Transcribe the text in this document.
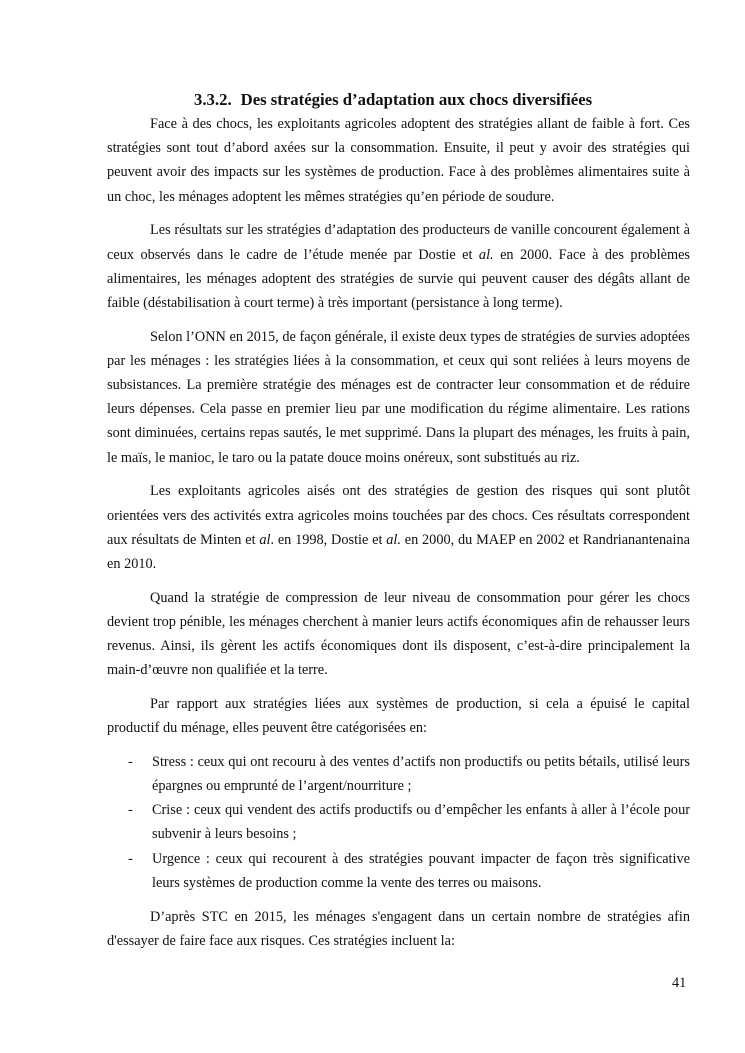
3.3.2. Des stratégies d’adaptation aux chocs diversifiées

Face à des chocs, les exploitants agricoles adoptent des stratégies allant de faible à fort. Ces stratégies sont tout d’abord axées sur la consommation. Ensuite, il peut y avoir des stratégies qui peuvent avoir des impacts sur les systèmes de production. Face à des problèmes alimentaires suite à un choc, les ménages adoptent les mêmes stratégies qu’en période de soudure.

Les résultats sur les stratégies d’adaptation des producteurs de vanille concourent également à ceux observés dans le cadre de l’étude menée par Dostie et al. en 2000. Face à des problèmes alimentaires, les ménages adoptent des stratégies de survie qui peuvent causer des dégâts allant de faible (déstabilisation à court terme) à très important (persistance à long terme).

Selon l’ONN en 2015, de façon générale, il existe deux types de stratégies de survies adoptées par les ménages : les stratégies liées à la consommation, et ceux qui sont reliées à leurs moyens de subsistances. La première stratégie des ménages est de contracter leur consommation et de réduire leurs dépenses. Cela passe en premier lieu par une modification du régime alimentaire. Les rations sont diminuées, certains repas sautés, le met supprimé. Dans la plupart des ménages, les fruits à pain, le maïs, le manioc, le taro ou la patate douce moins onéreux, sont substitués au riz.

Les exploitants agricoles aisés ont des stratégies de gestion des risques qui sont plutôt orientées vers des activités extra agricoles moins touchées par des chocs. Ces résultats correspondent aux résultats de Minten et al. en 1998, Dostie et al. en 2000, du MAEP en 2002 et Randrianantenaina en 2010.

Quand la stratégie de compression de leur niveau de consommation pour gérer les chocs devient trop pénible, les ménages cherchent à manier leurs actifs économiques afin de rehausser leurs revenus. Ainsi, ils gèrent les actifs économiques dont ils disposent, c’est-à-dire principalement la main-d’œuvre non qualifiée et la terre.

Par rapport aux stratégies liées aux systèmes de production, si cela a épuisé le capital productif du ménage, elles peuvent être catégorisées en:

- Stress : ceux qui ont recouru à des ventes d’actifs non productifs ou petits bétails, utilisé leurs épargnes ou emprunté de l’argent/nourriture ;
- Crise : ceux qui vendent des actifs productifs ou d’empêcher les enfants à aller à l’école pour subvenir à leurs besoins ;
- Urgence : ceux qui recourent à des stratégies pouvant impacter de façon très significative leurs systèmes de production comme la vente des terres ou maisons.

D’après STC en 2015, les ménages s'engagent dans un certain nombre de stratégies afin d'essayer de faire face aux risques. Ces stratégies incluent la:

41
